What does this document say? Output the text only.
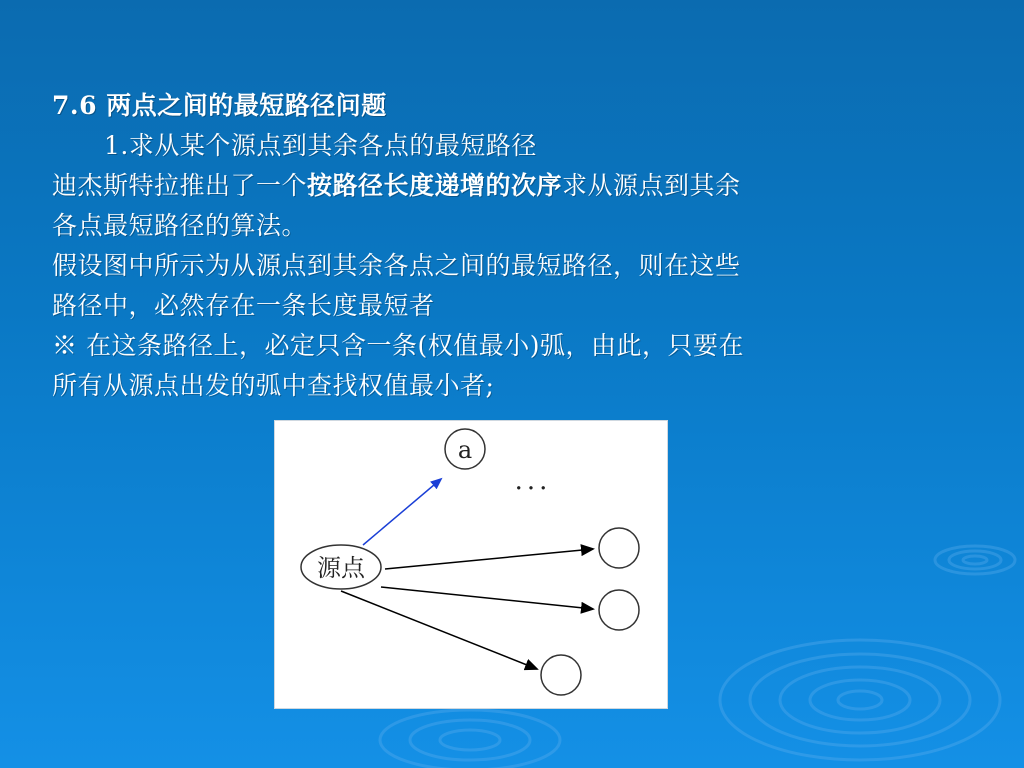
7.6 两点之间的最短路径问题
1.求从某个源点到其余各点的最短路径
迪杰斯特拉推出了一个按路径长度递增的次序求从源点到其余
各点最短路径的算法。
假设图中所示为从源点到其余各点之间的最短路径，则在这些
路径中，必然存在一条长度最短者
※ 在这条路径上，必定只含一条(权值最小)弧，由此，只要在
所有从源点出发的弧中查找权值最小者;
源点
a
···
